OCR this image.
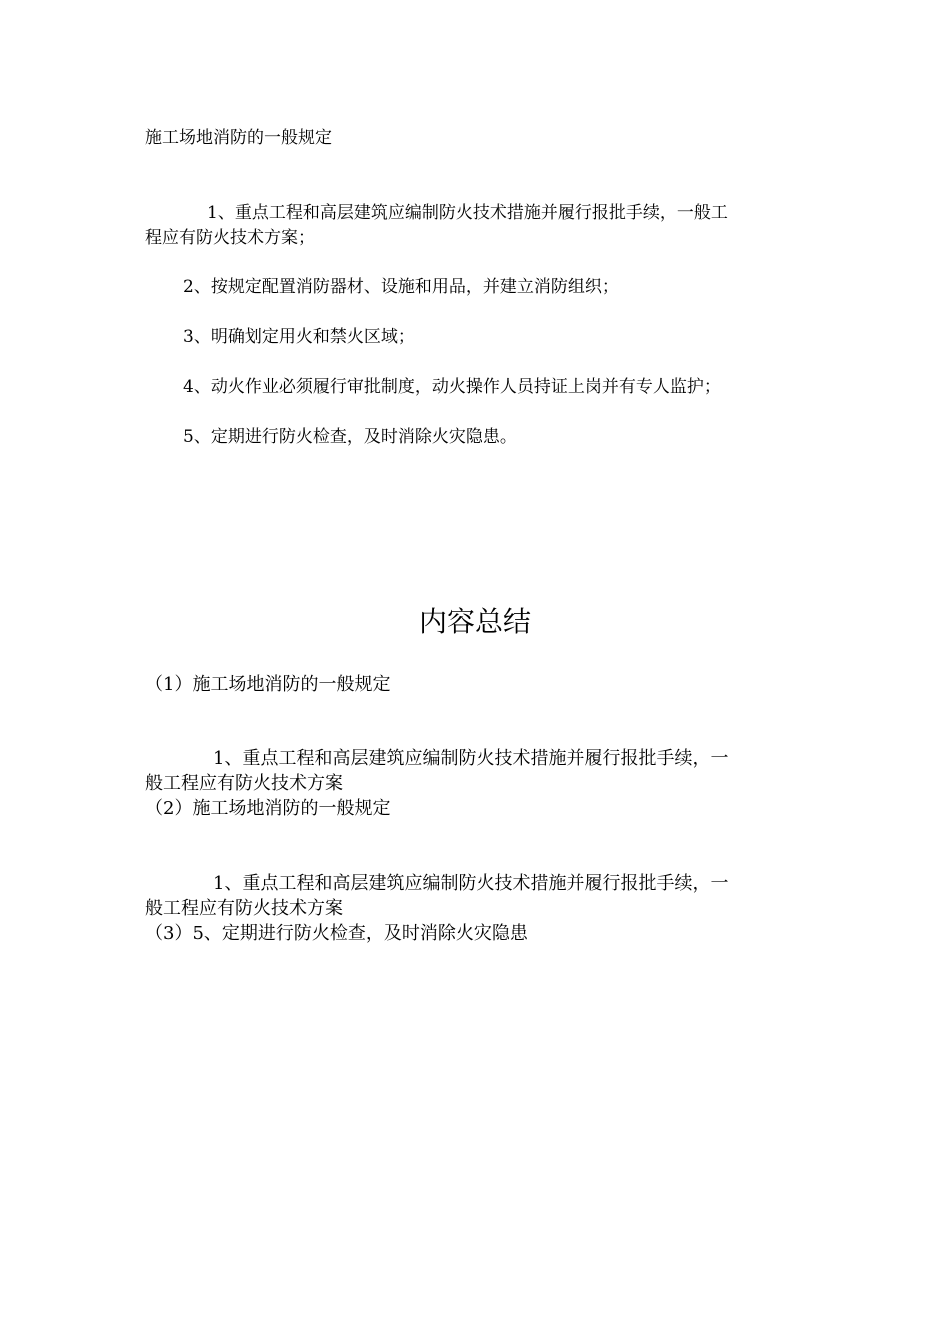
施工场地消防的一般规定

1、重点工程和高层建筑应编制防火技术措施并履行报批手续，一般工

程应有防火技术方案；

2、按规定配置消防器材、设施和用品，并建立消防组织；

3、明确划定用火和禁火区域；

4、动火作业必须履行审批制度，动火操作人员持证上岗并有专人监护；

5、定期进行防火检查，及时消除火灾隐患。

内容总结

（1）施工场地消防的一般规定

1、重点工程和高层建筑应编制防火技术措施并履行报批手续，一

般工程应有防火技术方案

（2）施工场地消防的一般规定

1、重点工程和高层建筑应编制防火技术措施并履行报批手续，一

般工程应有防火技术方案

（3）5、定期进行防火检查，及时消除火灾隐患
